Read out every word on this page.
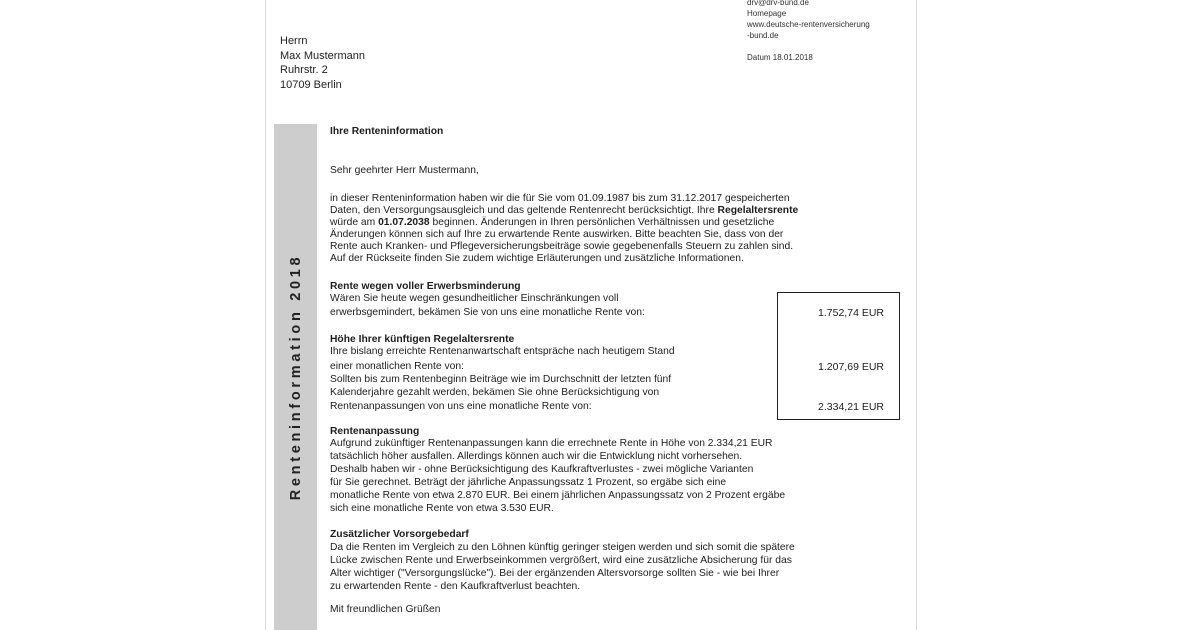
drv@drv-bund.de
Homepage
www.deutsche-rentenversicherung
-bund.de
Datum 18.01.2018
Herrn
Max Mustermann
Ruhrstr. 2
10709 Berlin
Renteninformation 2018
Ihre Renteninformation
Sehr geehrter Herr Mustermann,
in dieser Renteninformation haben wir die für Sie vom 01.09.1987 bis zum 31.12.2017 gespeicherten
Daten, den Versorgungsausgleich und das geltende Rentenrecht berücksichtigt. Ihre Regelaltersrente
würde am 01.07.2038 beginnen. Änderungen in Ihren persönlichen Verhältnissen und gesetzliche
Änderungen können sich auf Ihre zu erwartende Rente auswirken. Bitte beachten Sie, dass von der
Rente auch Kranken- und Pflegeversicherungsbeiträge sowie gegebenenfalls Steuern zu zahlen sind.
Auf der Rückseite finden Sie zudem wichtige Erläuterungen und zusätzliche Informationen.
Rente wegen voller Erwerbsminderung
Wären Sie heute wegen gesundheitlicher Einschränkungen voll
erwerbsgemindert, bekämen Sie von uns eine monatliche Rente von:	1.752,74 EUR
Höhe Ihrer künftigen Regelaltersrente
Ihre bislang erreichte Rentenanwartschaft entspräche nach heutigem Stand
einer monatlichen Rente von:	1.207,69 EUR
Sollten bis zum Rentenbeginn Beiträge wie im Durchschnitt der letzten fünf
Kalenderjahre gezahlt werden, bekämen Sie ohne Berücksichtigung von
Rentenanpassungen von uns eine monatliche Rente von:	2.334,21 EUR
Rentenanpassung
Aufgrund zukünftiger Rentenanpassungen kann die errechnete Rente in Höhe von 2.334,21 EUR
tatsächlich höher ausfallen. Allerdings können auch wir die Entwicklung nicht vorhersehen.
Deshalb haben wir - ohne Berücksichtigung des Kaufkraftverlustes - zwei mögliche Varianten
für Sie gerechnet. Beträgt der jährliche Anpassungssatz 1 Prozent, so ergäbe sich eine
monatliche Rente von etwa 2.870 EUR. Bei einem jährlichen Anpassungssatz von 2 Prozent ergäbe
sich eine monatliche Rente von etwa 3.530 EUR.
Zusätzlicher Vorsorgebedarf
Da die Renten im Vergleich zu den Löhnen künftig geringer steigen werden und sich somit die spätere
Lücke zwischen Rente und Erwerbseinkommen vergrößert, wird eine zusätzliche Absicherung für das
Alter wichtiger ("Versorgungslücke"). Bei der ergänzenden Altersvorsorge sollten Sie - wie bei Ihrer
zu erwartenden Rente - den Kaufkraftverlust beachten.
Mit freundlichen Grüßen
